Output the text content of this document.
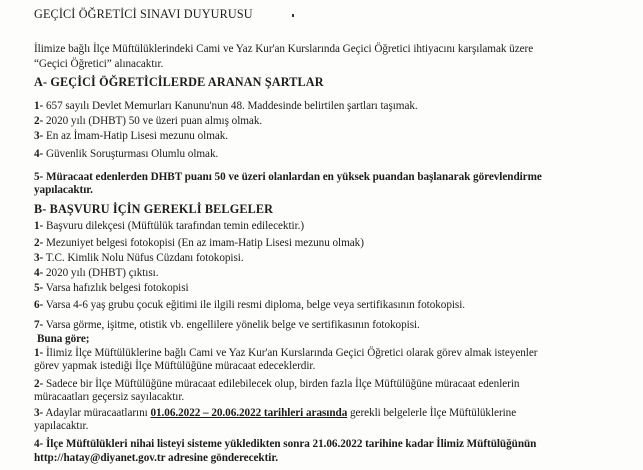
GEÇİCİ ÖĞRETİCİ SINAVI DUYURUSU
İlimize bağlı İlçe Müftülüklerindeki Cami ve Yaz Kur'an Kurslarında Geçici Öğretici ihtiyacını karşılamak üzere
“Geçici Öğretici” alınacaktır.
A- GEÇİCİ ÖĞRETİCİLERDE ARANAN ŞARTLAR
1- 657 sayılı Devlet Memurları Kanunu'nun 48. Maddesinde belirtilen şartları taşımak.
2- 2020 yılı (DHBT) 50 ve üzeri puan almış olmak.
3- En az İmam-Hatip Lisesi mezunu olmak.
4- Güvenlik Soruşturması Olumlu olmak.
5- Müracaat edenlerden DHBT puanı 50 ve üzeri olanlardan en yüksek puandan başlanarak görevlendirme
yapılacaktır.
B- BAŞVURU İÇİN GEREKLİ BELGELER
1- Başvuru dilekçesi (Müftülük tarafından temin edilecektir.)
2- Mezuniyet belgesi fotokopisi (En az imam-Hatip Lisesi mezunu olmak)
3- T.C. Kimlik Nolu Nüfus Cüzdanı fotokopisi.
4- 2020 yılı (DHBT) çıktısı.
5- Varsa hafızlık belgesi fotokopisi
6- Varsa 4-6 yaş grubu çocuk eğitimi ile ilgili resmi diploma, belge veya sertifikasının fotokopisi.
7- Varsa görme, işitme, otistik vb. engellilere yönelik belge ve sertifikasının fotokopisi.
Buna göre;
1- İlimiz İlçe Müftülüklerine bağlı Cami ve Yaz Kur'an Kurslarında Geçici Öğretici olarak görev almak isteyenler
görev yapmak istediği İlçe Müftülüğüne müracaat edeceklerdir.
2- Sadece bir İlçe Müftülüğüne müracaat edilebilecek olup, birden fazla İlçe Müftülüğüne müracaat edenlerin
müracaatları geçersiz sayılacaktır.
3- Adaylar müracaatlarını 01.06.2022 – 20.06.2022 tarihleri arasında gerekli belgelerle İlçe Müftülüklerine
yapılacaktır.
4- İlçe Müftülükleri nihai listeyi sisteme yükledikten sonra 21.06.2022 tarihine kadar İlimiz Müftülüğünün
http://hatay@diyanet.gov.tr adresine gönderecektir.
